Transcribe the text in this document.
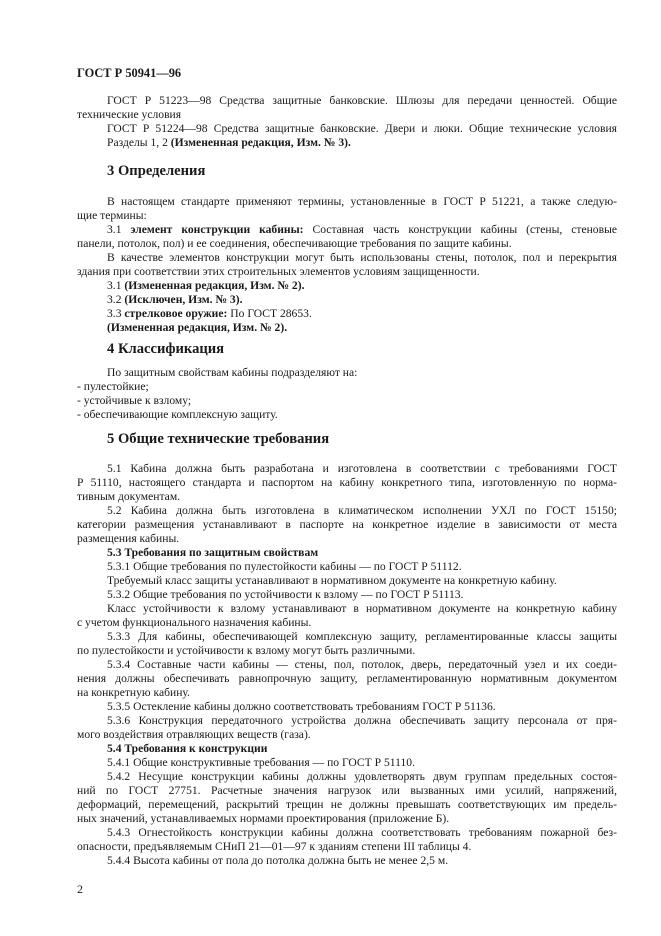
ГОСТ Р 50941—96
ГОСТ Р 51223—98 Средства защитные банковские. Шлюзы для передачи ценностей. Общие
технические условия
ГОСТ Р 51224—98 Средства защитные банковские. Двери и люки. Общие технические условия
Разделы 1, 2 (Измененная редакция, Изм. № 3).
3 Определения
В настоящем стандарте применяют термины, установленные в ГОСТ Р 51221, а также следую-
щие термины:
3.1 элемент конструкции кабины: Составная часть конструкции кабины (стены, стеновые
панели, потолок, пол) и ее соединения, обеспечивающие требования по защите кабины.
В качестве элементов конструкции могут быть использованы стены, потолок, пол и перекрытия
здания при соответствии этих строительных элементов условиям защищенности.
3.1 (Измененная редакция, Изм. № 2).
3.2 (Исключен, Изм. № 3).
3.3 стрелковое оружие: По ГОСТ 28653.
(Измененная редакция, Изм. № 2).
4 Классификация
По защитным свойствам кабины подразделяют на:
- пулестойкие;
- устойчивые к взлому;
- обеспечивающие комплексную защиту.
5 Общие технические требования
5.1 Кабина должна быть разработана и изготовлена в соответствии с требованиями ГОСТ
Р 51110, настоящего стандарта и паспортом на кабину конкретного типа, изготовленную по норма-
тивным документам.
5.2 Кабина должна быть изготовлена в климатическом исполнении УХЛ по ГОСТ 15150;
категории размещения устанавливают в паспорте на конкретное изделие в зависимости от места
размещения кабины.
5.3 Требования по защитным свойствам
5.3.1 Общие требования по пулестойкости кабины — по ГОСТ Р 51112.
Требуемый класс защиты устанавливают в нормативном документе на конкретную кабину.
5.3.2 Общие требования по устойчивости к взлому — по ГОСТ Р 51113.
Класс устойчивости к взлому устанавливают в нормативном документе на конкретную кабину
с учетом функционального назначения кабины.
5.3.3 Для кабины, обеспечивающей комплексную защиту, регламентированные классы защиты
по пулестойкости и устойчивости к взлому могут быть различными.
5.3.4 Составные части кабины — стены, пол, потолок, дверь, передаточный узел и их соеди-
нения должны обеспечивать равнопрочную защиту, регламентированную нормативным документом
на конкретную кабину.
5.3.5 Остекление кабины должно соответствовать требованиям ГОСТ Р 51136.
5.3.6 Конструкция передаточного устройства должна обеспечивать защиту персонала от пря-
мого воздействия отравляющих веществ (газа).
5.4 Требования к конструкции
5.4.1 Общие конструктивные требования — по ГОСТ Р 51110.
5.4.2 Несущие конструкции кабины должны удовлетворять двум группам предельных состоя-
ний по ГОСТ 27751. Расчетные значения нагрузок или вызванных ими усилий, напряжений,
деформаций, перемещений, раскрытий трещин не должны превышать соответствующих им предель-
ных значений, устанавливаемых нормами проектирования (приложение Б).
5.4.3 Огнестойкость конструкции кабины должна соответствовать требованиям пожарной без-
опасности, предъявляемым СНиП 21—01—97 к зданиям степени III таблицы 4.
5.4.4 Высота кабины от пола до потолка должна быть не менее 2,5 м.
2
